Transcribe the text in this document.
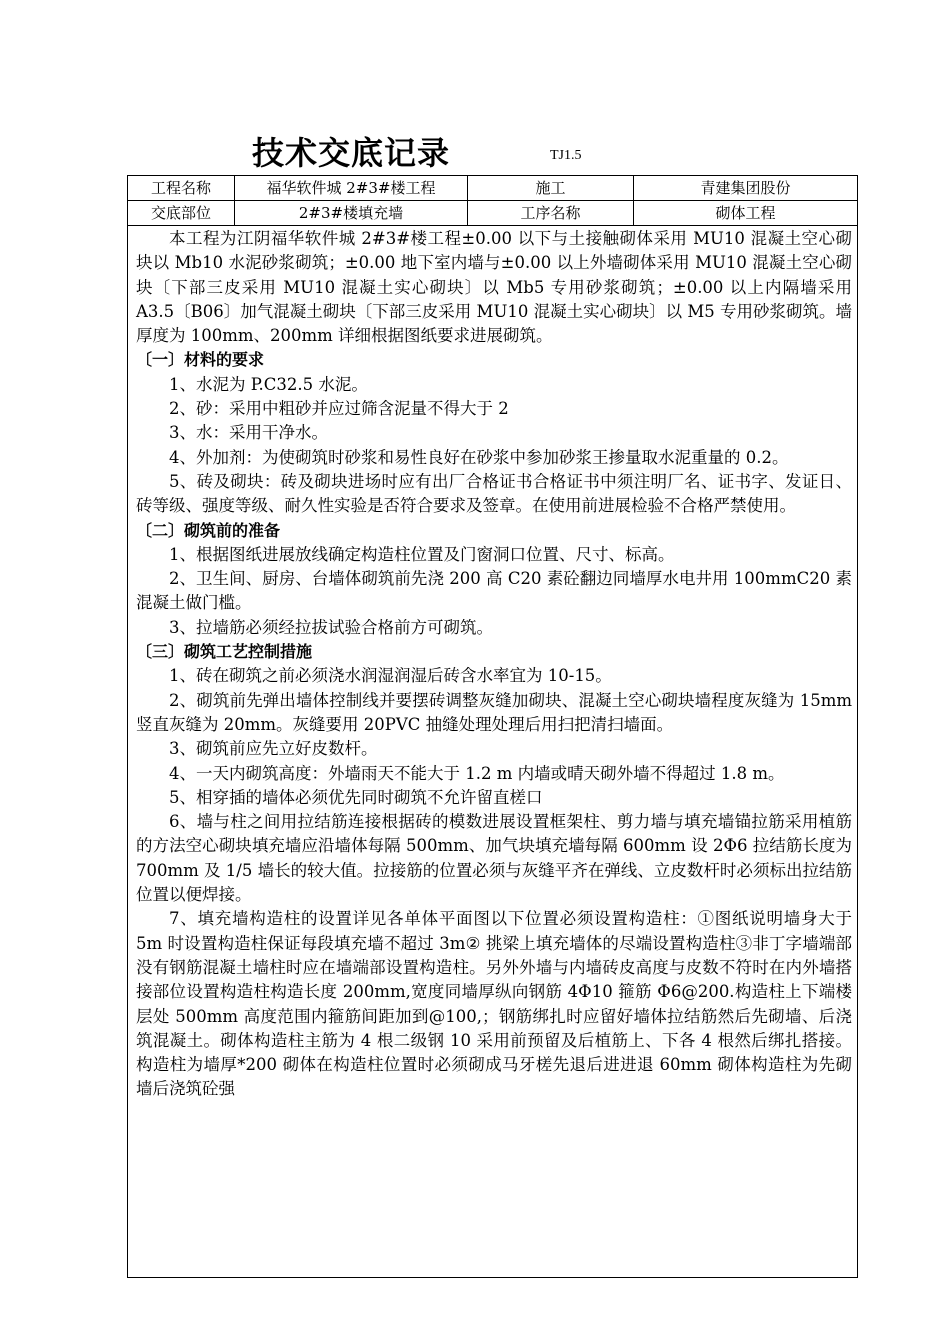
技术交底记录	TJ1.5
工程名称	福华软件城 2#3#楼工程	施工	青建集团股份
交底部位	2#3#楼填充墙	工序名称	砌体工程

本工程为江阴福华软件城 2#3#楼工程±0.00 以下与土接触砌体采用 MU10 混凝土空心砌块以 Mb10 水泥砂浆砌筑；±0.00 地下室内墙与±0.00 以上外墙砌体采用 MU10 混凝土空心砌块〔下部三皮采用 MU10 混凝土实心砌块〕以 Mb5 专用砂浆砌筑；±0.00 以上内隔墙采用 A3.5〔B06〕加气混凝土砌块〔下部三皮采用 MU10 混凝土实心砌块〕以 M5 专用砂浆砌筑。墙厚度为 100mm、200mm 详细根据图纸要求进展砌筑。

〔一〕材料的要求

1、水泥为 P.C32.5 水泥。

2、砂：采用中粗砂并应过筛含泥量不得大于 2

3、水：采用干净水。

4、外加剂：为使砌筑时砂浆和易性良好在砂浆中参加砂浆王掺量取水泥重量的 0.2。

5、砖及砌块：砖及砌块进场时应有出厂合格证书合格证书中须注明厂名、证书字、发证日、砖等级、强度等级、耐久性实验是否符合要求及签章。在使用前进展检验不合格严禁使用。

〔二〕砌筑前的准备

1、根据图纸进展放线确定构造柱位置及门窗洞口位置、尺寸、标高。

2、卫生间、厨房、台墙体砌筑前先浇 200 高 C20 素砼翻边同墙厚水电井用 100mmC20 素混凝土做门槛。

3、拉墙筋必须经拉拔试验合格前方可砌筑。

〔三〕砌筑工艺控制措施

1、砖在砌筑之前必须浇水润湿润湿后砖含水率宜为 10-15。

2、砌筑前先弹出墙体控制线并要摆砖调整灰缝加砌块、混凝土空心砌块墙程度灰缝为 15mm 竖直灰缝为 20mm。灰缝要用 20PVC 抽缝处理处理后用扫把清扫墙面。

3、砌筑前应先立好皮数杆。

4、一天内砌筑高度：外墙雨天不能大于 1.2 m 内墙或晴天砌外墙不得超过 1.8 m。

5、相穿插的墙体必须优先同时砌筑不允许留直槎口

6、墙与柱之间用拉结筋连接根据砖的模数进展设置框架柱、剪力墙与填充墙锚拉筋采用植筋的方法空心砌块填充墙应沿墙体每隔 500mm、加气块填充墙每隔 600mm 设 2Φ6 拉结筋长度为 700mm 及 1/5 墙长的较大值。拉接筋的位置必须与灰缝平齐在弹线、立皮数杆时必须标出拉结筋位置以便焊接。

7、填充墙构造柱的设置详见各单体平面图以下位置必须设置构造柱：①图纸说明墙身大于 5m 时设置构造柱保证每段填充墙不超过 3m② 挑梁上填充墙体的尽端设置构造柱③非丁字墙端部没有钢筋混凝土墙柱时应在墙端部设置构造柱。另外外墙与内墙砖皮高度与皮数不符时在内外墙搭接部位设置构造柱构造长度 200mm,宽度同墙厚纵向钢筋 4Φ10 箍筋 Φ6@200.构造柱上下端楼层处 500mm 高度范围内箍筋间距加到@100,；钢筋绑扎时应留好墙体拉结筋然后先砌墙、后浇筑混凝土。砌体构造柱主筋为 4 根二级钢 10 采用前预留及后植筋上、下各 4 根然后绑扎搭接。构造柱为墙厚*200 砌体在构造柱位置时必须砌成马牙槎先退后进进退 60mm 砌体构造柱为先砌墙后浇筑砼强
